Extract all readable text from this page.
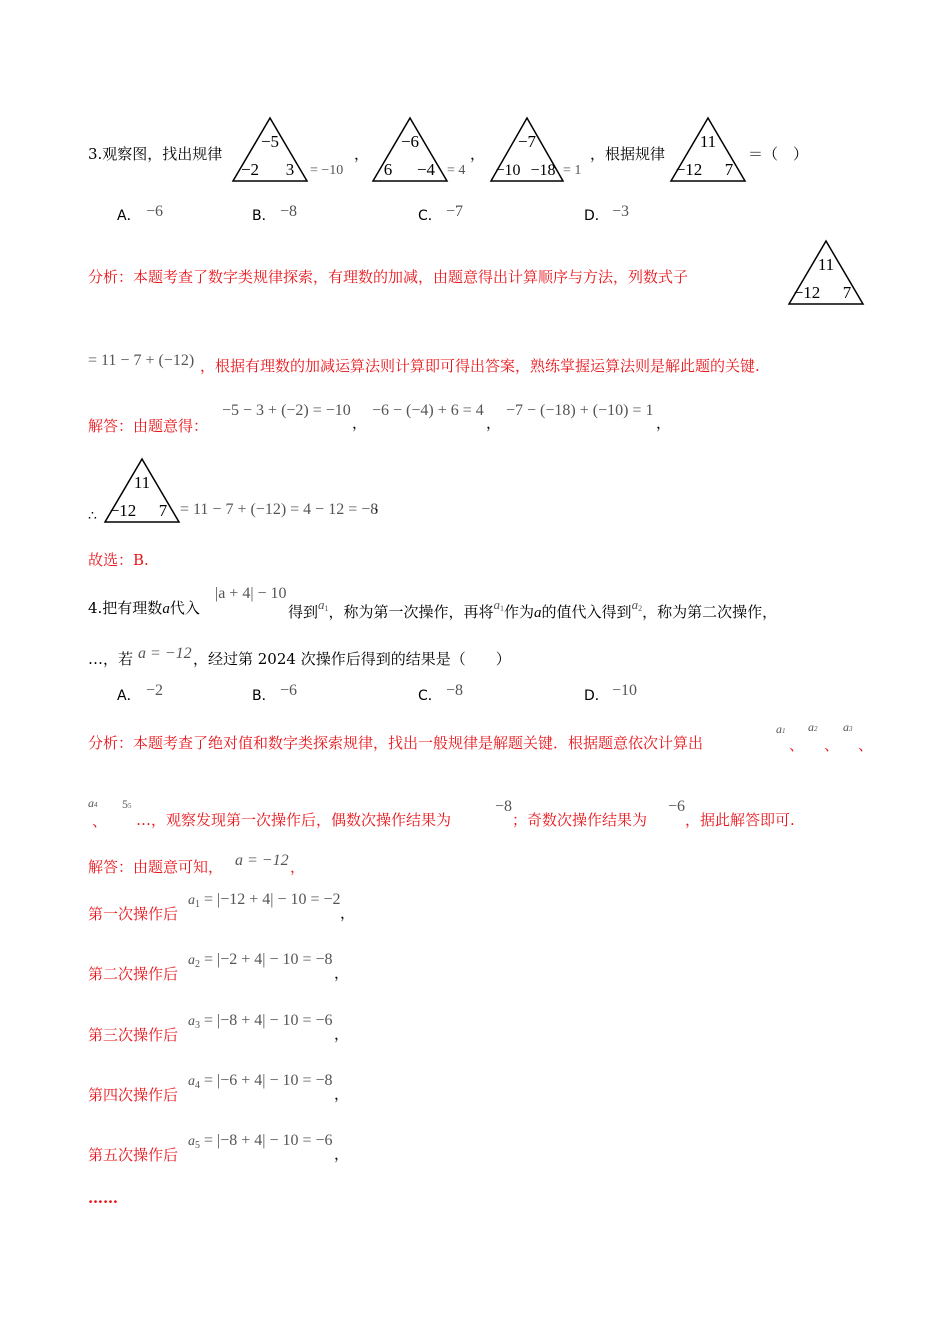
3.观察图，找出规律
−5
−2 3 = −10
，
−6
6 −4 = 4
，
−7
−10 −18 = 1
，根据规律
11
−12 7
＝（　）
A． −6	B． −8	C． −7	D． −3
分析：本题考查了数字类规律探索，有理数的加减，由题意得出计算顺序与方法，列数式子
11
−12 7
= 11 − 7 + (−12) ，根据有理数的加减运算法则计算即可得出答案，熟练掌握运算法则是解此题的关键.
解答：由题意得：
−5 − 3 + (−2) = −10
，
−6 − (−4) + 6 = 4
，
−7 − (−18) + (−10) = 1
，
∴
11
−12 7 = 11 − 7 + (−12) = 4 − 12 = −8
，
故选：B.
4.把有理数a代入
|a + 4| − 10
得到$a^1$，称为第一次操作，再将$a^1$作为a的值代入得到$a^2$，称为第二次操作，
…，若 a = −12 ，经过第 2024 次操作后得到的结果是（　　）
A． −2	B． −6	C． −8	D． −10
分析：本题考查了绝对值和数字类探索规律，找出一般规律是解题关键．根据题意依次计算出
a1
、
a2
、
a3
、
a4
、
55
…，观察发现第一次操作后，偶数次操作结果为
−8
；奇数次操作结果为
−6
，据此解答即可.
解答：由题意可知， a = −12 ，
第一次操作后
$a_1 = |-12 + 4| - 10 = -2$
，
第二次操作后
$a_2 = |-2 + 4| - 10 = -8$
，
第三次操作后
$a_3 = |-8 + 4| - 10 = -6$
，
第四次操作后
$a_4 = |-6 + 4| - 10 = -8$
，
第五次操作后
$a_5 = |-8 + 4| - 10 = -6$
，
……
